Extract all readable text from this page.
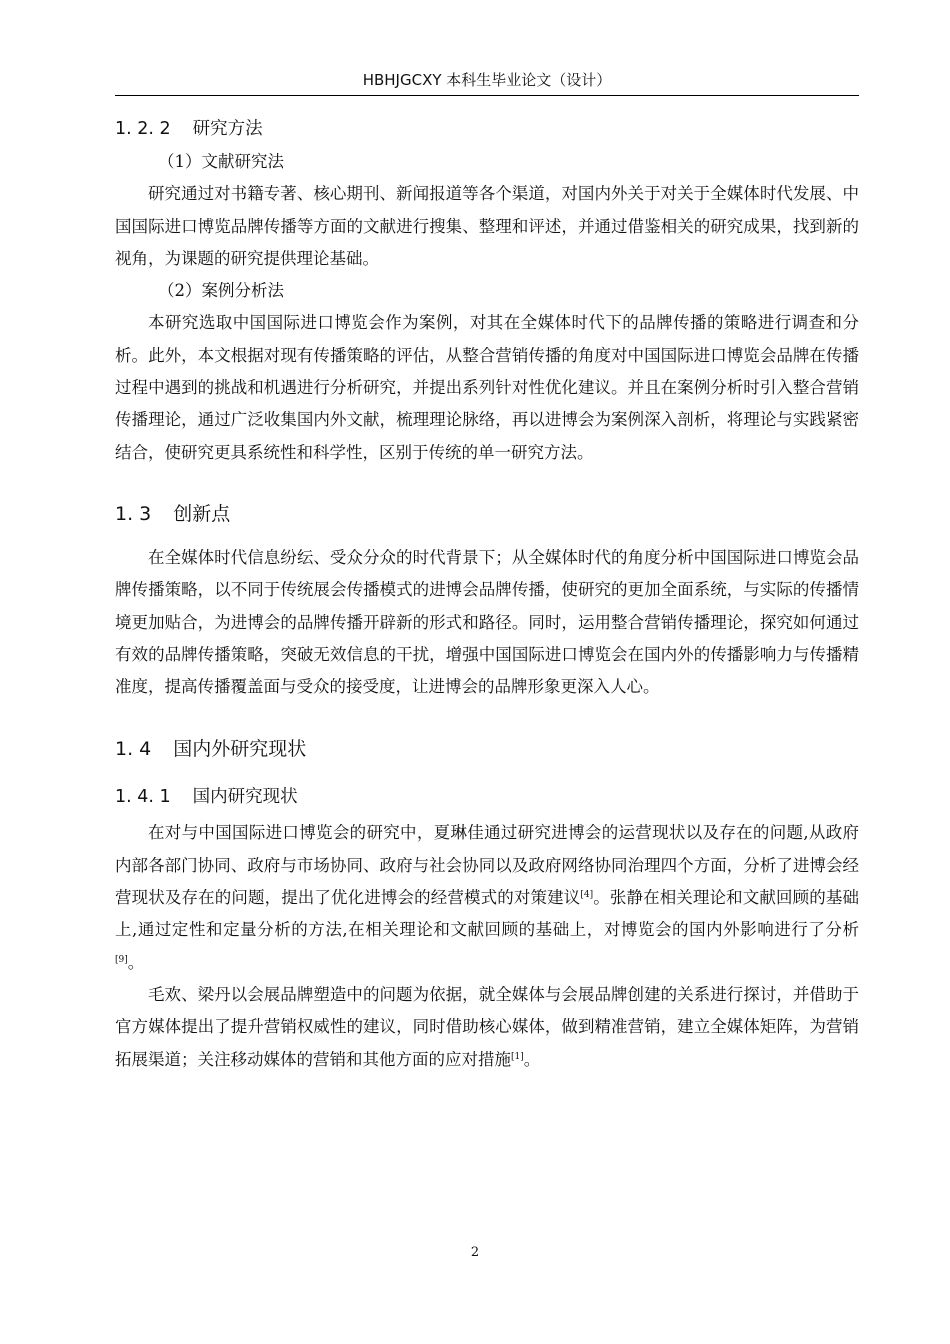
HBHJGCXY 本科生毕业论文（设计）
1. 2. 2 研究方法

（1）文献研究法

研究通过对书籍专著、核心期刊、新闻报道等各个渠道，对国内外关于对关于全媒体时代发展、中国国际进口博览品牌传播等方面的文献进行搜集、整理和评述，并通过借鉴相关的研究成果，找到新的视角，为课题的研究提供理论基础。

（2）案例分析法

本研究选取中国国际进口博览会作为案例，对其在全媒体时代下的品牌传播的策略进行调查和分析。此外，本文根据对现有传播策略的评估，从整合营销传播的角度对中国国际进口博览会品牌在传播过程中遇到的挑战和机遇进行分析研究，并提出系列针对性优化建议。并且在案例分析时引入整合营销传播理论，通过广泛收集国内外文献，梳理理论脉络，再以进博会为案例深入剖析，将理论与实践紧密结合，使研究更具系统性和科学性，区别于传统的单一研究方法。

1. 3 创新点

在全媒体时代信息纷纭、受众分众的时代背景下；从全媒体时代的角度分析中国国际进口博览会品牌传播策略，以不同于传统展会传播模式的进博会品牌传播，使研究的更加全面系统，与实际的传播情境更加贴合，为进博会的品牌传播开辟新的形式和路径。同时，运用整合营销传播理论，探究如何通过有效的品牌传播策略，突破无效信息的干扰，增强中国国际进口博览会在国内外的传播影响力与传播精准度，提高传播覆盖面与受众的接受度，让进博会的品牌形象更深入人心。

1. 4 国内外研究现状
1. 4. 1 国内研究现状

在对与中国国际进口博览会的研究中，夏琳佳通过研究进博会的运营现状以及存在的问题,从政府内部各部门协同、政府与市场协同、政府与社会协同以及政府网络协同治理四个方面，分析了进博会经营现状及存在的问题，提出了优化进博会的经营模式的对策建议[4]。张静在相关理论和文献回顾的基础上,通过定性和定量分析的方法,在相关理论和文献回顾的基础上，对博览会的国内外影响进行了分析[9]。

毛欢、梁丹以会展品牌塑造中的问题为依据，就全媒体与会展品牌创建的关系进行探讨，并借助于官方媒体提出了提升营销权威性的建议，同时借助核心媒体，做到精准营销，建立全媒体矩阵，为营销拓展渠道；关注移动媒体的营销和其他方面的应对措施[1]。

2
